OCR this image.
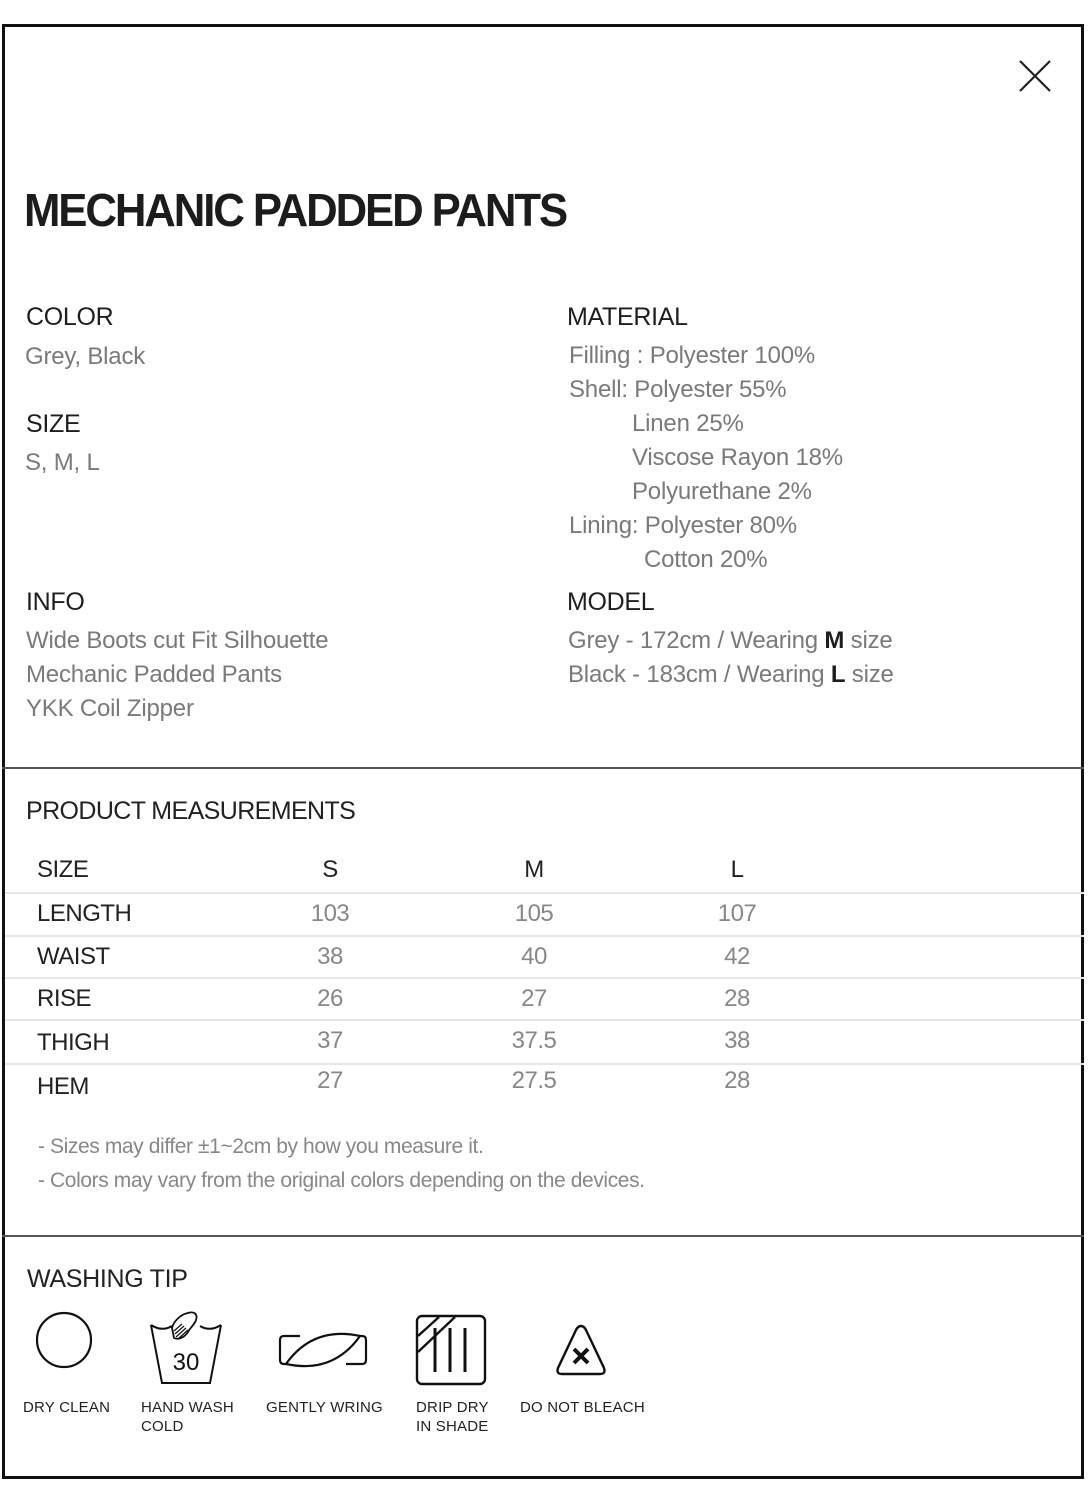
MECHANIC PADDED PANTS
COLOR
Grey, Black
SIZE
S, M, L
INFO
Wide Boots cut Fit Silhouette
Mechanic Padded Pants
YKK Coil Zipper
MATERIAL
Filling : Polyester 100%
Shell: Polyester 55%
Linen 25%
Viscose Rayon 18%
Polyurethane 2%
Lining: Polyester 80%
Cotton 20%
MODEL
Grey - 172cm / Wearing M size
Black - 183cm / Wearing L size
PRODUCT MEASUREMENTS
SIZE	S	M	L
LENGTH	103	105	107
WAIST	38	40	42
RISE	26	27	28
THIGH	37	37.5	38
HEM	27	27.5	28
- Sizes may differ ±1~2cm by how you measure it.
- Colors may vary from the original colors depending on the devices.
WASHING TIP
DRY CLEAN
30
HAND WASH
COLD
GENTLY WRING DRIP DRY
IN SHADE
DO NOT BLEACH
